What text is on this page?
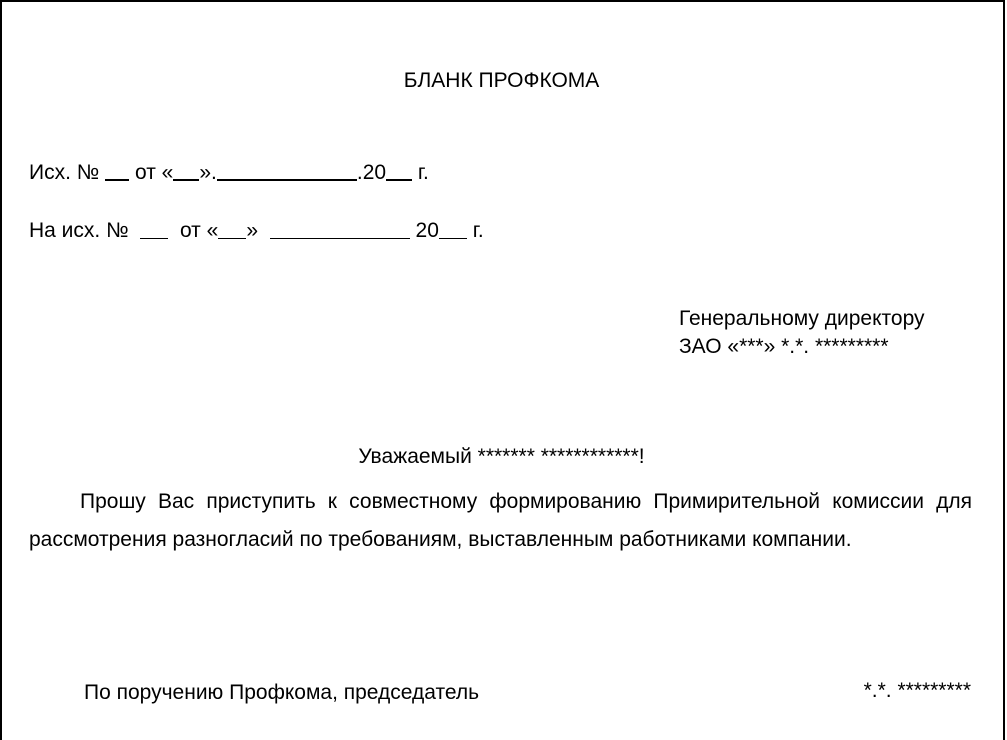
БЛАНК ПРОФКОМА
Исх. № от « ».	.20 г.
На исх. № от « »	20 г.
Генеральному директору
ЗАО «***» *.*. *********
Уважаемый ******* ************!
Прошу Вас приступить к совместному формированию Примирительной комиссии для рассмотрения разногласий по требованиям, выставленным работниками компании.
По поручению Профкома, председатель	*.*. *********
